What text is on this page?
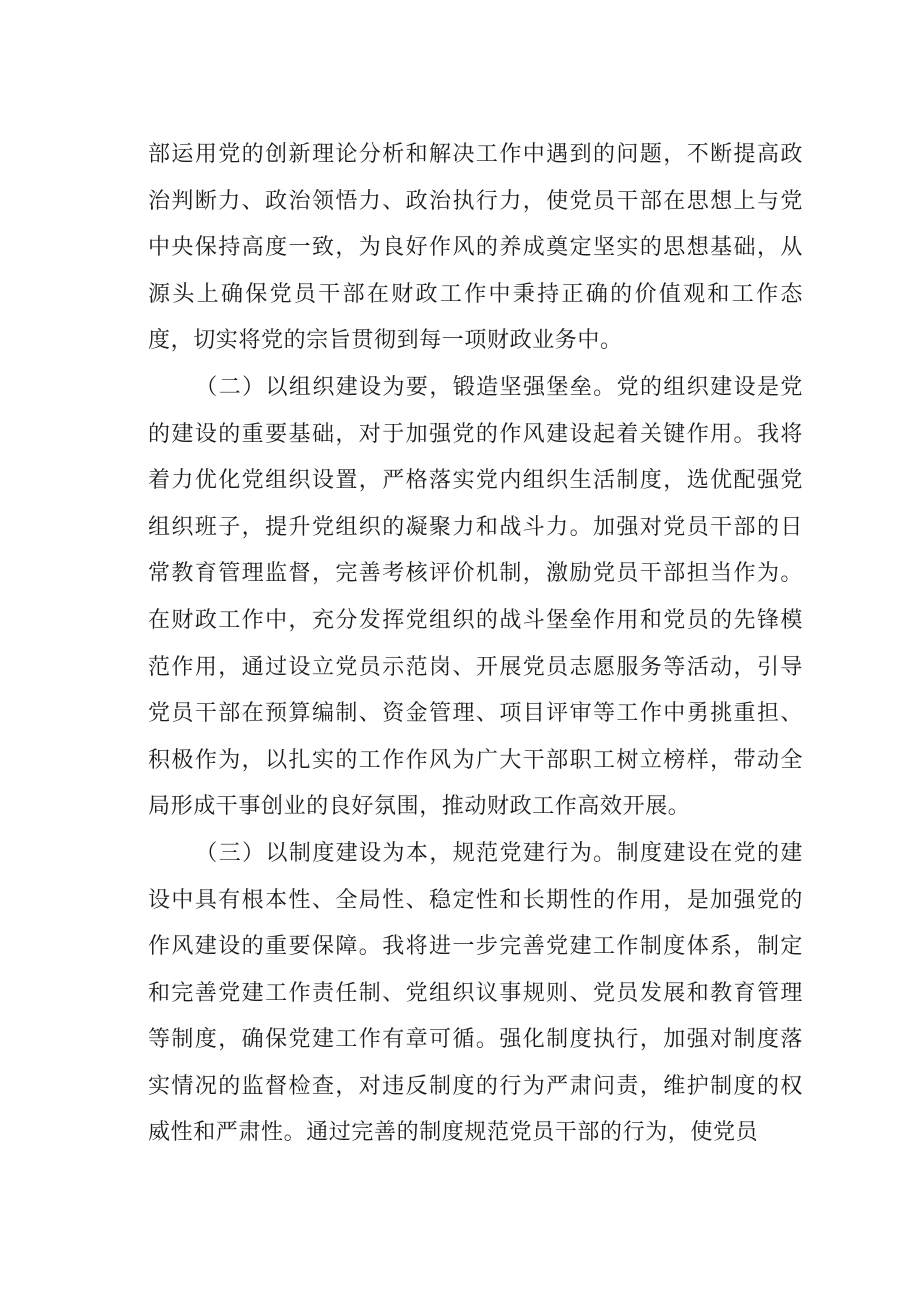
部运用党的创新理论分析和解决工作中遇到的问题，不断提高政治判断力、政治领悟力、政治执行力，使党员干部在思想上与党中央保持高度一致，为良好作风的养成奠定坚实的思想基础，从源头上确保党员干部在财政工作中秉持正确的价值观和工作态度，切实将党的宗旨贯彻到每一项财政业务中。

（二）以组织建设为要，锻造坚强堡垒。党的组织建设是党的建设的重要基础，对于加强党的作风建设起着关键作用。我将着力优化党组织设置，严格落实党内组织生活制度，选优配强党组织班子，提升党组织的凝聚力和战斗力。加强对党员干部的日常教育管理监督，完善考核评价机制，激励党员干部担当作为。在财政工作中，充分发挥党组织的战斗堡垒作用和党员的先锋模范作用，通过设立党员示范岗、开展党员志愿服务等活动，引导党员干部在预算编制、资金管理、项目评审等工作中勇挑重担、积极作为，以扎实的工作作风为广大干部职工树立榜样，带动全局形成干事创业的良好氛围，推动财政工作高效开展。

（三）以制度建设为本，规范党建行为。制度建设在党的建设中具有根本性、全局性、稳定性和长期性的作用，是加强党的作风建设的重要保障。我将进一步完善党建工作制度体系，制定和完善党建工作责任制、党组织议事规则、党员发展和教育管理等制度，确保党建工作有章可循。强化制度执行，加强对制度落实情况的监督检查，对违反制度的行为严肃问责，维护制度的权威性和严肃性。通过完善的制度规范党员干部的行为，使党员
